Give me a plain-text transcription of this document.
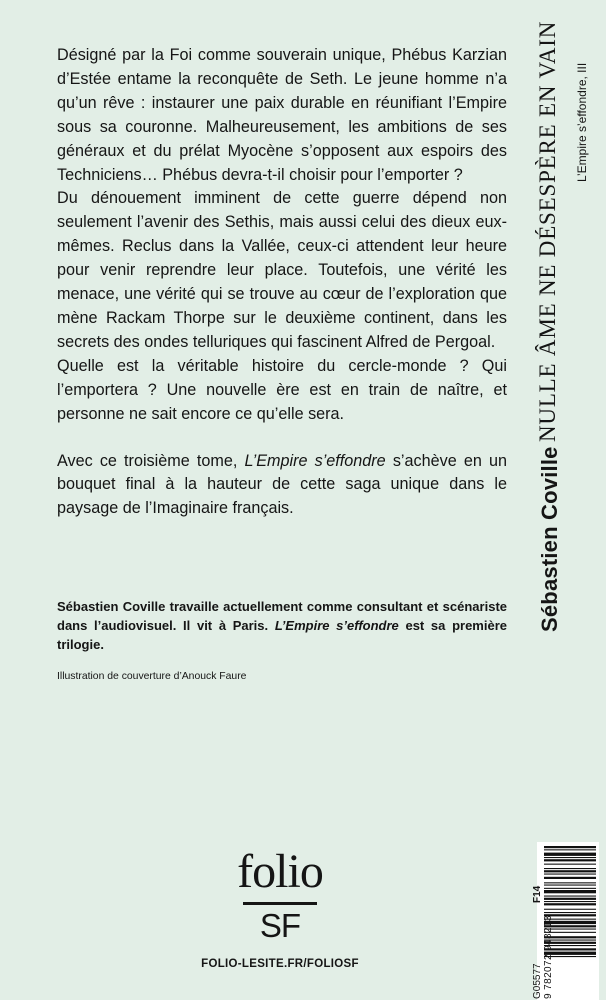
Désigné par la Foi comme souverain unique, Phébus Karzian d’Estée entame la reconquête de Seth. Le jeune homme n’a qu’un rêve : instaurer une paix durable en réunifiant l’Empire sous sa couronne. Malheureusement, les ambitions de ses généraux et du prélat Myocène s’opposent aux espoirs des Techniciens… Phébus devra-t-il choisir pour l’emporter ?

Du dénouement imminent de cette guerre dépend non seulement l’avenir des Sethis, mais aussi celui des dieux eux-mêmes. Reclus dans la Vallée, ceux-ci attendent leur heure pour venir reprendre leur place. Toutefois, une vérité les menace, une vérité qui se trouve au cœur de l’exploration que mène Rackam Thorpe sur le deuxième continent, dans les secrets des ondes telluriques qui fascinent Alfred de Pergoal.

Quelle est la véritable histoire du cercle-monde ? Qui l’emportera ? Une nouvelle ère est en train de naître, et personne ne sait encore ce qu’elle sera.

Avec ce troisième tome, L’Empire s’effondre s’achève en un bouquet final à la hauteur de cette saga unique dans le paysage de l’Imaginaire français.

Sébastien Coville travaille actuellement comme consultant et scénariste dans l’audiovisuel. Il vit à Paris. L’Empire s’effondre est sa première trilogie.

Illustration de couverture d’Anouck Faure
Sébastien Coville
NULLE ÂME NE DÉSESPÈRE EN VAIN L’Empire s’effondre, III
folio
SF
FOLIO-LESITE.FR/FOLIOSF	G05577
F14
9 782072 948213
